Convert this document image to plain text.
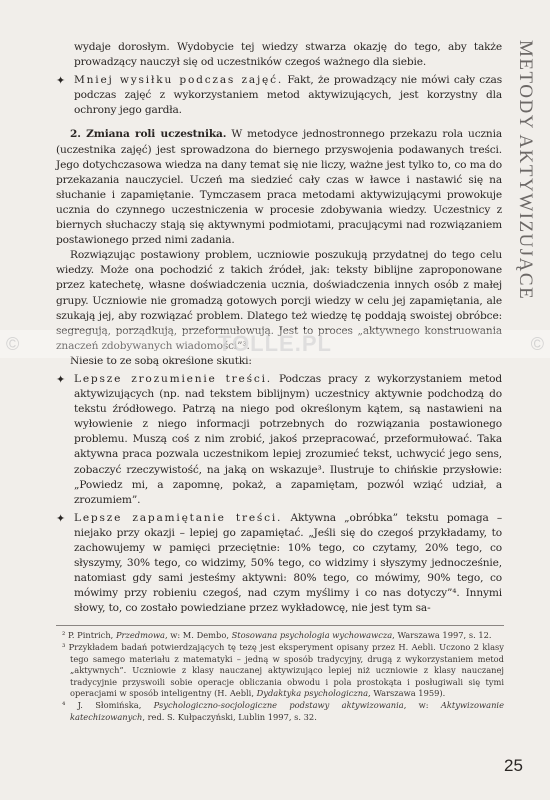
METODY AKTYWIZUJĄCE

wydaje dorosłym. Wydobycie tej wiedzy stwarza okazję do tego, aby także prowadzący nauczył się od uczestników czegoś ważnego dla siebie.

✦ Mniej wysiłku podczas zajęć. Fakt, że prowadzący nie mówi cały czas podczas zajęć z wykorzystaniem metod aktywizujących, jest korzystny dla ochrony jego gardła.

2. Zmiana roli uczestnika. W metodyce jednostronnego przekazu rola ucznia (uczestnika zajęć) jest sprowadzona do biernego przyswojenia podawanych treści. Jego dotychczasowa wiedza na dany temat się nie liczy, ważne jest tylko to, co ma do przekazania nauczyciel. Uczeń ma siedzieć cały czas w ławce i nastawić się na słuchanie i zapamiętanie. Tymczasem praca metodami aktywizującymi prowokuje ucznia do czynnego uczestniczenia w procesie zdobywania wiedzy. Uczestnicy z biernych słuchaczy stają się aktywnymi podmiotami, pracującymi nad rozwiązaniem postawionego przed nimi zadania.

Rozwiązując postawiony problem, uczniowie poszukują przydatnej do tego celu wiedzy. Może ona pochodzić z takich źródeł, jak: teksty biblijne zaproponowane przez katechetę, własne doświadczenia ucznia, doświadczenia innych osób z małej grupy. Uczniowie nie gromadzą gotowych porcji wiedzy w celu jej zapamiętania, ale szukają jej, aby rozwiązać problem. Dlatego też wiedzę tę poddają swoistej obróbce: segregują, porządkują, przeformułowują. Jest to proces „aktywnego konstruowania znaczeń zdobywanych wiadomości”³.

Niesie to ze sobą określone skutki:

✦ Lepsze zrozumienie treści. Podczas pracy z wykorzystaniem metod aktywizujących (np. nad tekstem biblijnym) uczestnicy aktywnie podchodzą do tekstu źródłowego. Patrzą na niego pod określonym kątem, są nastawieni na wyłowienie z niego informacji potrzebnych do rozwiązania postawionego problemu. Muszą coś z nim zrobić, jakoś przepracować, przeformułować. Taka aktywna praca pozwala uczestnikom lepiej zrozumieć tekst, uchwycić jego sens, zobaczyć rzeczywistość, na jaką on wskazuje³. Ilustruje to chińskie przysłowie: „Powiedz mi, a zapomnę, pokaż, a zapamiętam, pozwól wziąć udział, a zrozumiem”.

✦ Lepsze zapamiętanie treści. Aktywna „obróbka” tekstu pomaga – niejako przy okazji – lepiej go zapamiętać. „Jeśli się do czegoś przykładamy, to zachowujemy w pamięci przeciętnie: 10% tego, co czytamy, 20% tego, co słyszymy, 30% tego, co widzimy, 50% tego, co widzimy i słyszymy jednocześnie, natomiast gdy sami jesteśmy aktywni: 80% tego, co mówimy, 90% tego, co mówimy przy robieniu czegoś, nad czym myślimy i co nas dotyczy”⁴. Innymi słowy, to, co zostało powiedziane przez wykładowcę, nie jest tym sa-

² P. Pintrich, Przedmowa, w: M. Dembo, Stosowana psychologia wychowawcza, Warszawa 1997, s. 12.

³ Przykładem badań potwierdzających tę tezę jest eksperyment opisany przez H. Aebli. Uczono 2 klasy tego samego materiału z matematyki – jedną w sposób tradycyjny, drugą z wykorzystaniem metod „aktywnych”. Uczniowie z klasy nauczanej aktywizująco lepiej niż uczniowie z klasy nauczanej tradycyjnie przyswoili sobie operacje obliczania obwodu i pola prostokąta i posługiwali się tymi operacjami w sposób inteligentny (H. Aebli, Dydaktyka psychologiczna, Warszawa 1959).

⁴ J. Słomińska, Psychologiczno-socjologiczne podstawy aktywizowania, w: Aktywizowanie katechizowanych, red. S. Kułpaczyński, Lublin 1997, s. 32.

25
©	TOLLE.PL	©
